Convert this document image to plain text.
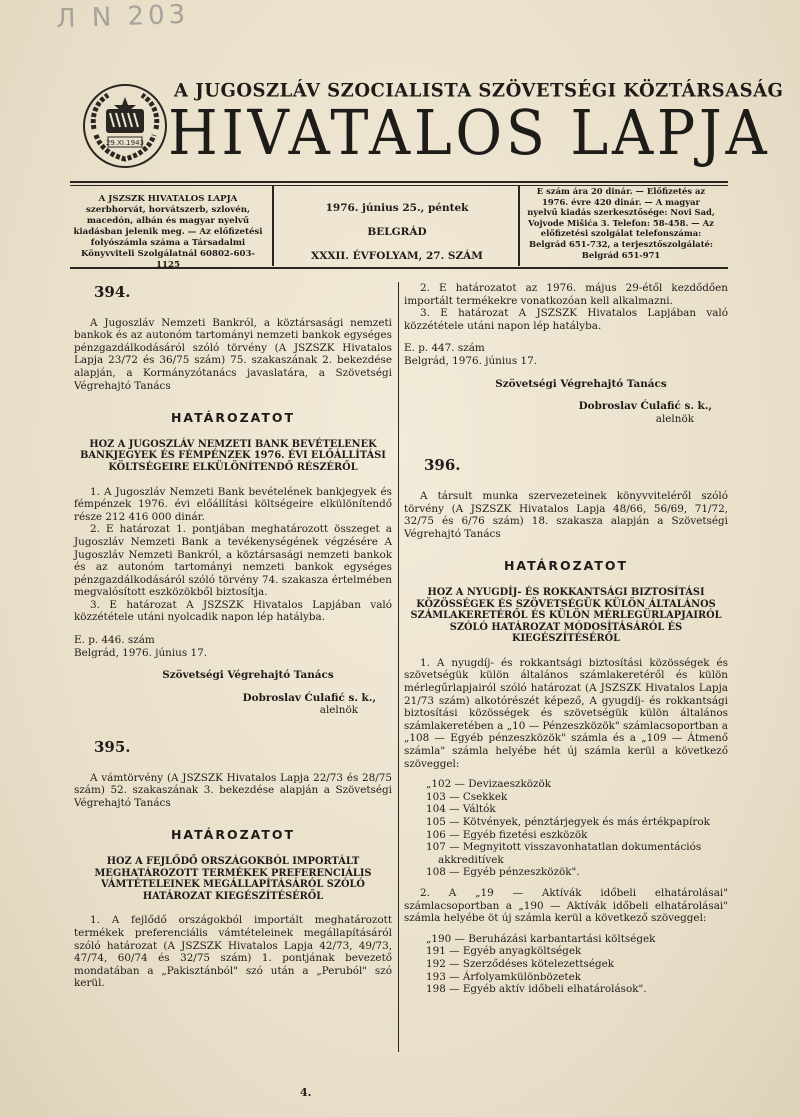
Л N 203
29.XI.1943
A JUGOSZLÁV SZOCIALISTA SZÖVETSÉGI KÖZTÁRSASÁG
HIVATALOS LAPJA
A JSZSZK HIVATALOS LAPJA szerbhorvát, horvátszerb, szlovén, macedón, albán és magyar nyelvű kiadásban jelenik meg. — Az előfizetési folyószámla száma a Társadalmi Könyvviteli Szolgálatnál 60802-603-1125
1976. június 25., péntek
BELGRÁD
XXXII. ÉVFOLYAM, 27. SZÁM
E szám ára 20 dinár. — Előfizetés az 1976. évre 420 dinár. — A magyar nyelvű kiadás szerkesztősége: Novi Sad, Vojvode Mišića 3. Telefon: 58-458. — Az előfizetési szolgálat telefonszáma: Belgrád 651-732, a terjesztőszolgálaté: Belgrád 651-971
394.

A Jugoszláv Nemzeti Bankról, a köztársasági nemzeti bankok és az autonóm tartományi nemzeti bankok egységes pénzgazdálkodásáról szóló törvény (A JSZSZK Hivatalos Lapja 23/72 és 36/75 szám) 75. szakaszának 2. bekezdése alapján, a Kormányzótanács javaslatára, a Szövetségi Végrehajtó Tanács

HATÁROZATOT
HOZ A JUGOSZLÁV NEMZETI BANK BEVÉTELENEK BANKJEGYEK ÉS FÉMPÉNZEK 1976. ÉVI ELŐÁLLÍTÁSI KÖLTSÉGEIRE ELKÜLÖNÍTENDŐ RÉSZÉRŐL

1. A Jugoszláv Nemzeti Bank bevételének bankjegyek és fémpénzek 1976. évi előállítási költségeire elkülönítendő része 212 416 000 dinár.

2. E határozat 1. pontjában meghatározott összeget a Jugoszláv Nemzeti Bank a tevékenységének végzésére A Jugoszláv Nemzeti Bankról, a köztársasági nemzeti bankok és az autonóm tartományi nemzeti bankok egységes pénzgazdálkodásáról szóló törvény 74. szakasza értelmében megvalósított eszközökből biztosítja.

3. E határozat A JSZSZK Hivatalos Lapjában való közzététele utáni nyolcadik napon lép hatályba.

E. p. 446. szám

Belgrád, 1976. június 17.

Szövetségi Végrehajtó Tanács
Dobroslav Ćulafić s. k.,
alelnök
395.

A vámtörvény (A JSZSZK Hivatalos Lapja 22/73 és 28/75 szám) 52. szakaszának 3. bekezdése alapján a Szövetségi Végrehajtó Tanács

HATÁROZATOT
HOZ A FEJLŐDŐ ORSZÁGOKBÓL IMPORTÁLT MEGHATÁROZOTT TERMÉKEK PREFERENCIÁLIS VÁMTÉTELEINEK MEGÁLLAPÍTÁSÁRÓL SZÓLÓ HATÁROZAT KIEGÉSZÍTÉSÉRŐL

1. A fejlődő országokból importált meghatározott termékek preferenciális vámtételeinek megállapításáról szóló határozat (A JSZSZK Hivatalos Lapja 42/73, 49/73, 47/74, 60/74 és 32/75 szám) 1. pontjának bevezető mondatában a „Pakisztánból" szó után a „Peruból" szó kerül.

2. E határozatot az 1976. május 29-étől kezdődően importált termékekre vonatkozóan kell alkalmazni.

3. E határozat A JSZSZK Hivatalos Lapjában való közzététele utáni napon lép hatályba.

E. p. 447. szám

Belgrád, 1976. június 17.

Szövetségi Végrehajtó Tanács
Dobroslav Ćulafić s. k.,
alelnök
396.

A társult munka szervezeteinek könyvviteléről szóló törvény (A JSZSZK Hivatalos Lapja 48/66, 56/69, 71/72, 32/75 és 6/76 szám) 18. szakasza alapján a Szövetségi Végrehajtó Tanács

HATÁROZATOT
HOZ A NYUGDÍJ- ÉS ROKKANTSÁGI BIZTOSÍTÁSI KÖZÖSSÉGEK ÉS SZÖVETSÉGÜK KÜLÖN ÁLTALÁNOS SZÁMLAKERETÉRŐL ÉS KÜLÖN MÉRLEGÜRLAPJAIRÓL SZÓLÓ HATÁROZAT MÓDOSÍTÁSÁRÓL ÉS KIEGÉSZÍTÉSÉRŐL

1. A nyugdíj- és rokkantsági biztosítási közösségek és szövetségük külön általános számlakeretéről és külön mérlegűrlapjairól szóló határozat (A JSZSZK Hivatalos Lapja 21/73 szám) alkotórészét képező, A gyugdíj- és rokkantsági biztosítási közösségek és szövetségük külön általános számlakeretében a „10 — Pénzeszközök" számlacsoportban a „108 — Egyéb pénzeszközök" számla és a „109 — Átmenő számla" számla helyébe hét új számla kerül a következő szöveggel:

„102 — Devizaeszközök
103 — Csekkek
104 — Váltók
105 — Kötvények, pénztárjegyek és más értékpapírok
106 — Egyéb fizetési eszközök
107 — Megnyitott visszavonhatatlan dokumentációs akkreditívek
108 — Egyéb pénzeszközök".

2. A „19 — Aktívák időbeli elhatárolásai" számlacsoportban a „190 — Aktívák időbeli elhatárolásai" számla helyébe öt új számla kerül a következő szöveggel:

„190 — Beruházási karbantartási költségek
191 — Egyéb anyagköltségek
192 — Szerződéses kötelezettségek
193 — Árfolyamkülönbözetek
198 — Egyéb aktív időbeli elhatárolások".
4.
